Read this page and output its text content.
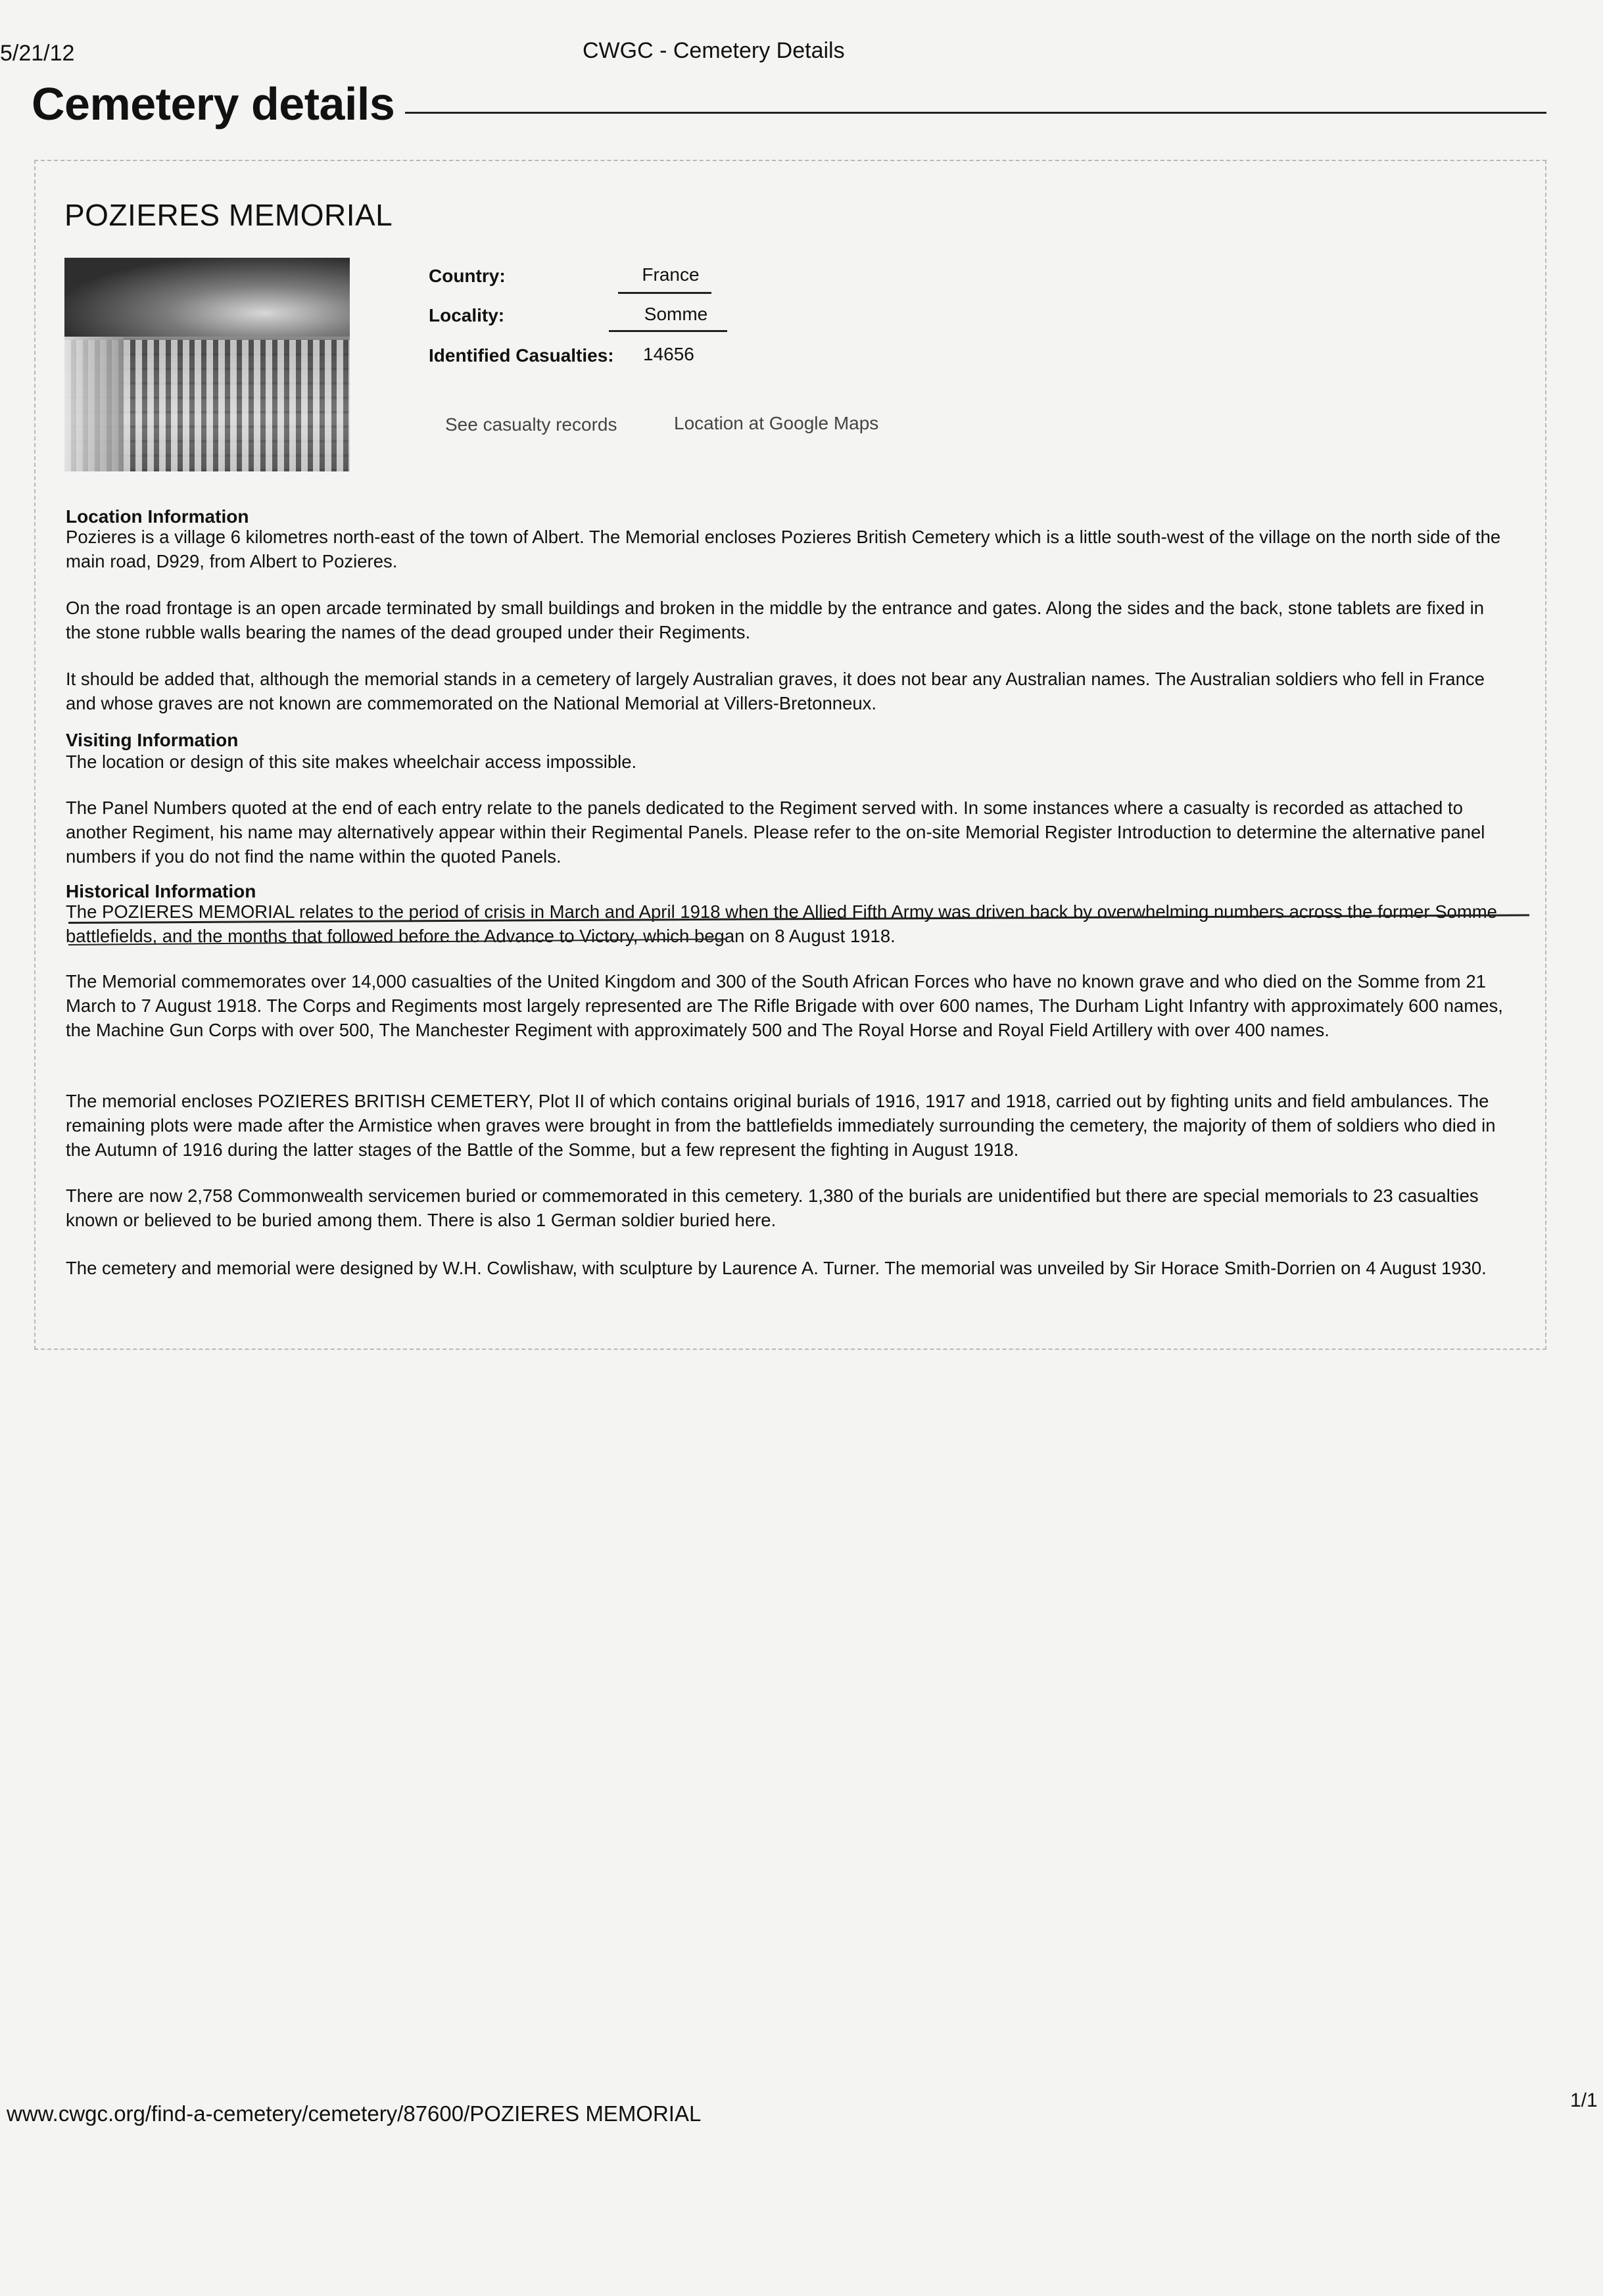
5/21/12	CWGC - Cemetery Details
Cemetery details
POZIERES MEMORIAL
Country:	France
Locality:	Somme
Identified Casualties: 14656
See casualty records	Location at Google Maps
Location Information
Pozieres is a village 6 kilometres north-east of the town of Albert. The Memorial encloses Pozieres British Cemetery which is a little south-west of the village on the north side of the main road, D929, from Albert to Pozieres.
On the road frontage is an open arcade terminated by small buildings and broken in the middle by the entrance and gates. Along the sides and the back, stone tablets are fixed in the stone rubble walls bearing the names of the dead grouped under their Regiments.
It should be added that, although the memorial stands in a cemetery of largely Australian graves, it does not bear any Australian names. The Australian soldiers who fell in France and whose graves are not known are commemorated on the National Memorial at Villers-Bretonneux.
Visiting Information
The location or design of this site makes wheelchair access impossible.
The Panel Numbers quoted at the end of each entry relate to the panels dedicated to the Regiment served with. In some instances where a casualty is recorded as attached to another Regiment, his name may alternatively appear within their Regimental Panels. Please refer to the on-site Memorial Register Introduction to determine the alternative panel numbers if you do not find the name within the quoted Panels.
Historical Information
The POZIERES MEMORIAL relates to the period of crisis in March and April 1918 when the Allied Fifth Army was driven back by overwhelming numbers across the former Somme battlefields, and the months that followed before the Advance to Victory, which began on 8 August 1918.
The Memorial commemorates over 14,000 casualties of the United Kingdom and 300 of the South African Forces who have no known grave and who died on the Somme from 21 March to 7 August 1918. The Corps and Regiments most largely represented are The Rifle Brigade with over 600 names, The Durham Light Infantry with approximately 600 names, the Machine Gun Corps with over 500, The Manchester Regiment with approximately 500 and The Royal Horse and Royal Field Artillery with over 400 names.
The memorial encloses POZIERES BRITISH CEMETERY, Plot II of which contains original burials of 1916, 1917 and 1918, carried out by fighting units and field ambulances. The remaining plots were made after the Armistice when graves were brought in from the battlefields immediately surrounding the cemetery, the majority of them of soldiers who died in the Autumn of 1916 during the latter stages of the Battle of the Somme, but a few represent the fighting in August 1918.
There are now 2,758 Commonwealth servicemen buried or commemorated in this cemetery. 1,380 of the burials are unidentified but there are special memorials to 23 casualties known or believed to be buried among them. There is also 1 German soldier buried here.
The cemetery and memorial were designed by W.H. Cowlishaw, with sculpture by Laurence A. Turner. The memorial was unveiled by Sir Horace Smith-Dorrien on 4 August 1930.
www.cwgc.org/find-a-cemetery/cemetery/87600/POZIERES MEMORIAL
1/1
